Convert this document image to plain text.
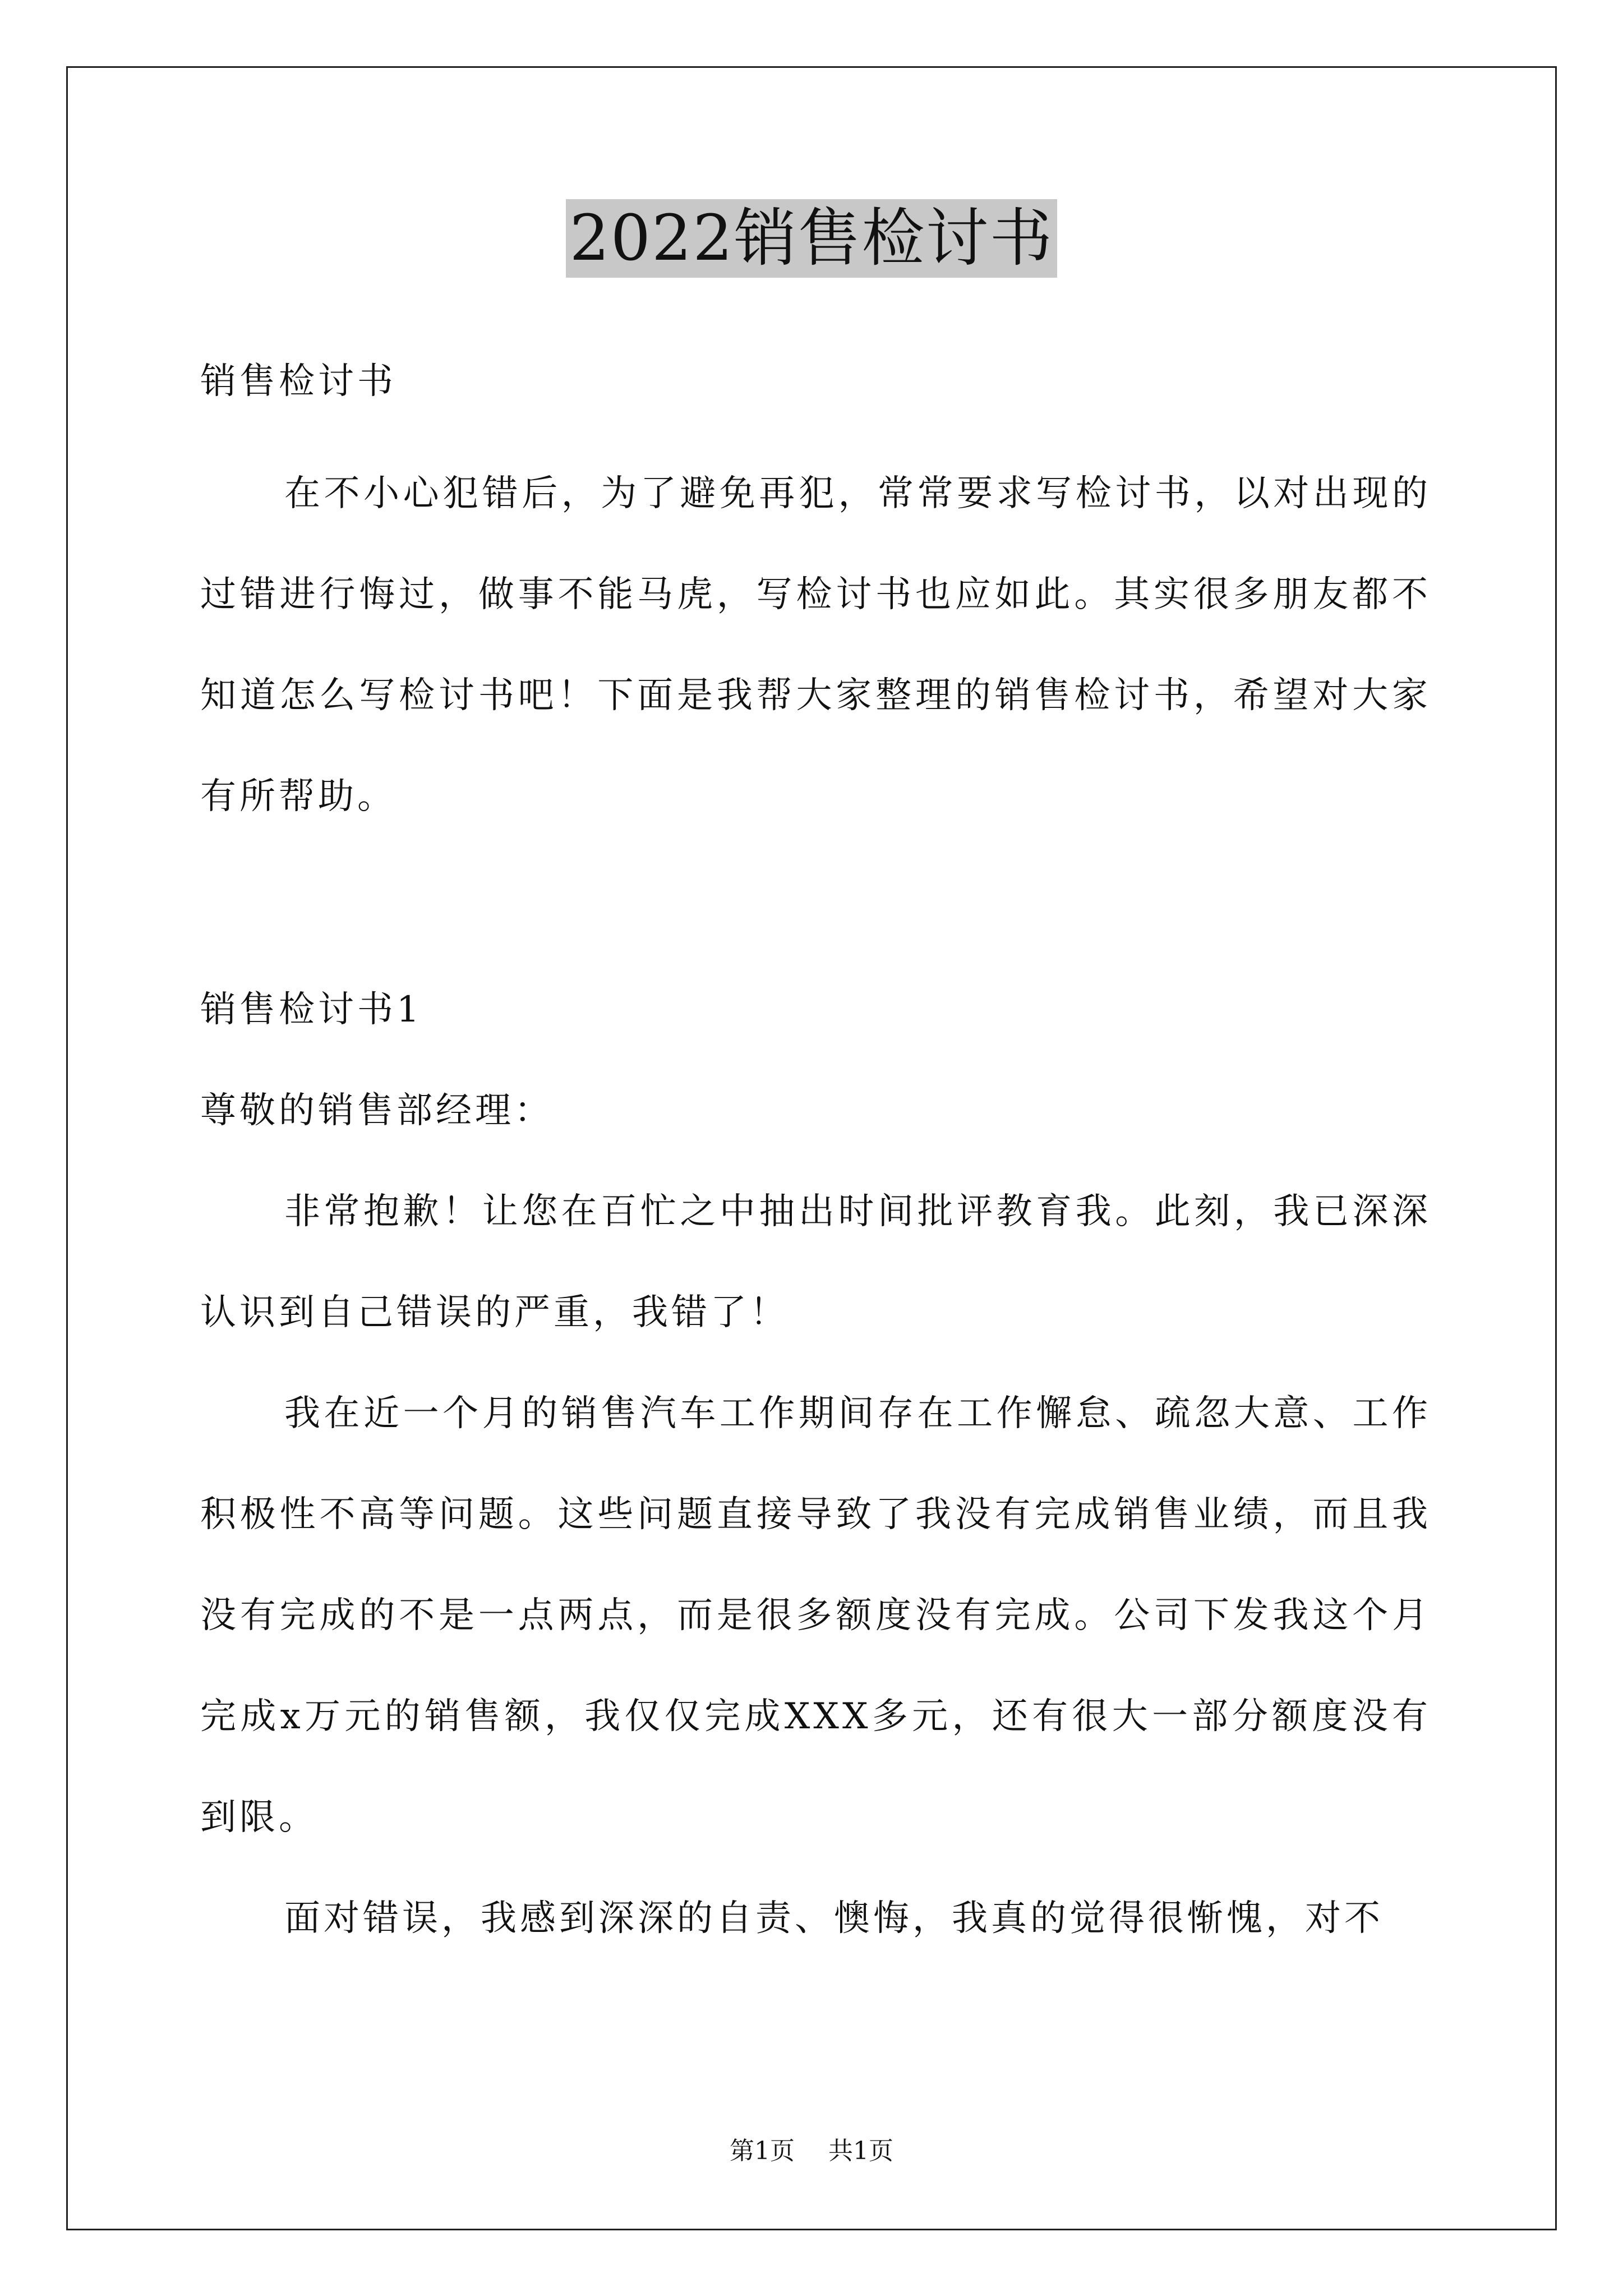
2022销售检讨书

销售检讨书

在不小心犯错后，为了避免再犯，常常要求写检讨书，以对出现的过错进行悔过，做事不能马虎，写检讨书也应如此。其实很多朋友都不知道怎么写检讨书吧！下面是我帮大家整理的销售检讨书，希望对大家有所帮助。

销售检讨书1

尊敬的销售部经理：

非常抱歉！让您在百忙之中抽出时间批评教育我。此刻，我已深深认识到自己错误的严重，我错了！

我在近一个月的销售汽车工作期间存在工作懈怠、疏忽大意、工作积极性不高等问题。这些问题直接导致了我没有完成销售业绩，而且我没有完成的不是一点两点，而是很多额度没有完成。公司下发我这个月完成x万元的销售额，我仅仅完成XXX多元，还有很大一部分额度没有到限。

面对错误，我感到深深的自责、懊悔，我真的觉得很惭愧，对不

第1页 共1页
